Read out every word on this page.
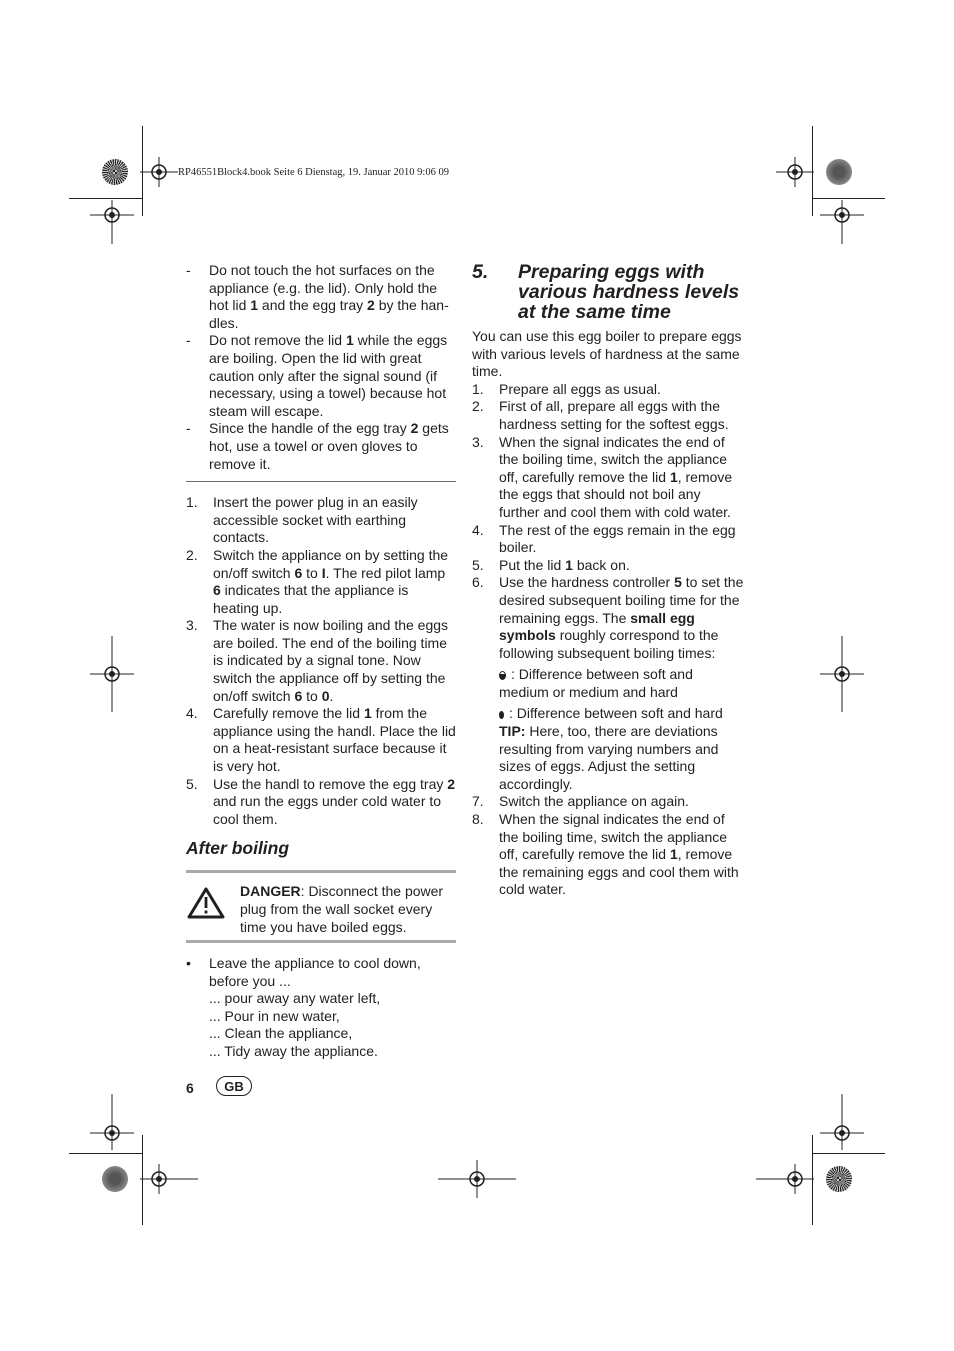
RP46551Block4.book Seite 6 Dienstag, 19. Januar 2010 9:06 09
-	Do not touch the hot surfaces on the appliance (e.g. the lid). Only hold the hot lid 1 and the egg tray 2 by the han-dles.
-	Do not remove the lid 1 while the eggs are boiling. Open the lid with great caution only after the signal sound (if necessary, using a towel) because hot steam will escape.
-	Since the handle of the egg tray 2 gets hot, use a towel or oven gloves to remove it.
1.	Insert the power plug in an easily accessible socket with earthing contacts.
2.	Switch the appliance on by setting the on/off switch 6 to I. The red pilot lamp 6 indicates that the appliance is heating up.
3.	The water is now boiling and the eggs are boiled. The end of the boiling time is indicated by a signal tone. Now switch the appliance off by setting the on/off switch 6 to 0.
4.	Carefully remove the lid 1 from the appliance using the handl. Place the lid on a heat-resistant surface because it is very hot.
5.	Use the handl to remove the egg tray 2 and run the eggs under cold water to cool them.
After boiling
DANGER: Disconnect the power plug from the wall socket every time you have boiled eggs.
•	Leave the appliance to cool down, before you ...
... pour away any water left,
... Pour in new water,
... Clean the appliance,
... Tidy away the appliance.
5.	Preparing eggs with various hardness levels at the same time
You can use this egg boiler to prepare eggs with various levels of hardness at the same time.
1.	Prepare all eggs as usual.
2.	First of all, prepare all eggs with the hardness setting for the softest eggs.
3.	When the signal indicates the end of the boiling time, switch the appliance off, carefully remove the lid 1, remove the eggs that should not boil any further and cool them with cold water.
4.	The rest of the eggs remain in the egg boiler.
5.	Put the lid 1 back on.
6.	Use the hardness controller 5 to set the desired subsequent boiling time for the remaining eggs. The small egg symbols roughly correspond to the following subsequent boiling times:
: Difference between soft and medium or medium and hard
: Difference between soft and hard
TIP: Here, too, there are deviations resulting from varying numbers and sizes of eggs. Adjust the setting accordingly.
7.	Switch the appliance on again.
8.	When the signal indicates the end of the boiling time, switch the appliance off, carefully remove the lid 1, remove the remaining eggs and cool them with cold water.
6	GB
